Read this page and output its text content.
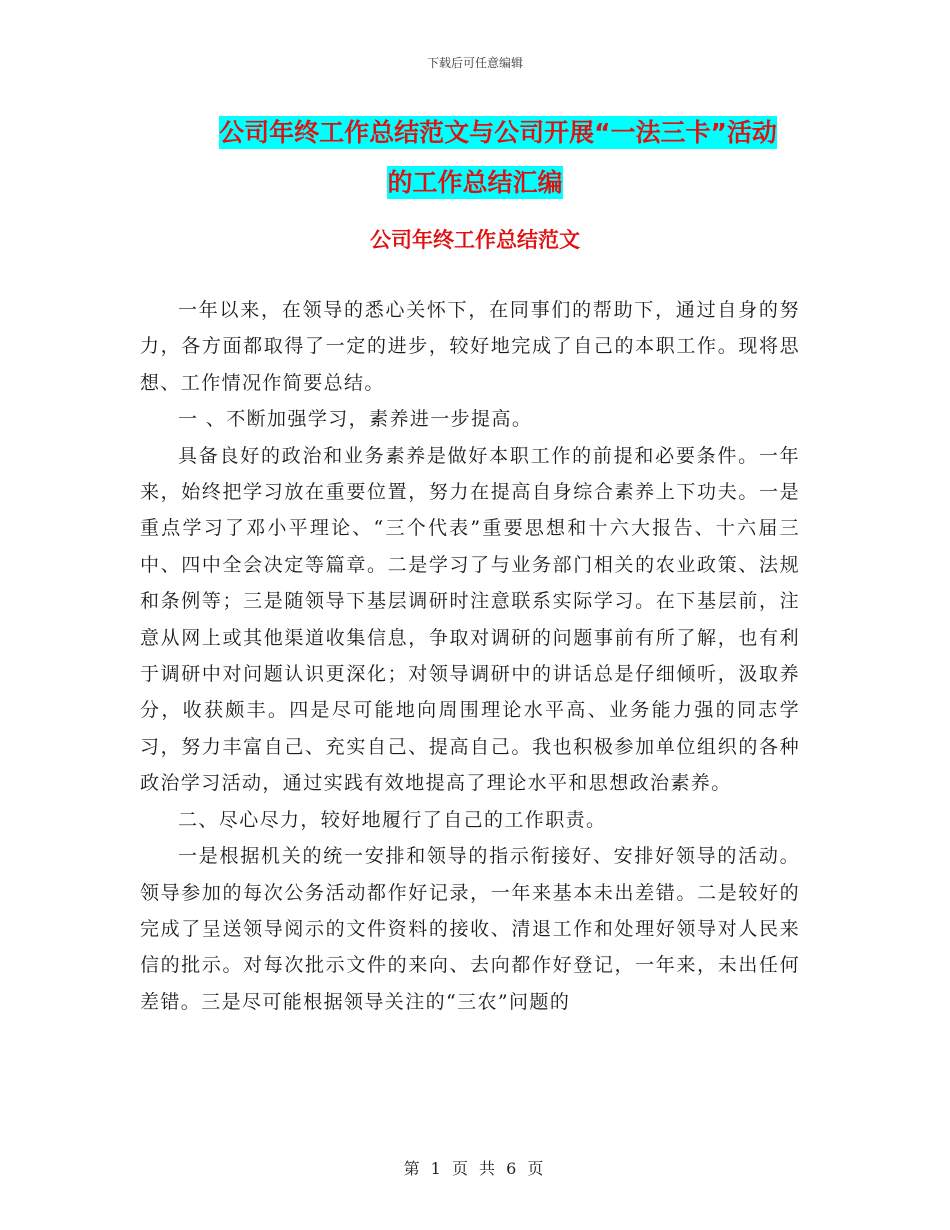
下载后可任意编辑
公司年终工作总结范文与公司开展“一法三卡”活动
的工作总结汇编
公司年终工作总结范文

一年以来，在领导的悉心关怀下，在同事们的帮助下，通过自身的努力，各方面都取得了一定的进步，较好地完成了自己的本职工作。现将思想、工作情况作简要总结。

一 、不断加强学习，素养进一步提高。

具备良好的政治和业务素养是做好本职工作的前提和必要条件。一年来，始终把学习放在重要位置，努力在提高自身综合素养上下功夫。一是重点学习了邓小平理论、“三个代表”重要思想和十六大报告、十六届三中、四中全会决定等篇章。二是学习了与业务部门相关的农业政策、法规和条例等；三是随领导下基层调研时注意联系实际学习。在下基层前，注意从网上或其他渠道收集信息，争取对调研的问题事前有所了解，也有利于调研中对问题认识更深化；对领导调研中的讲话总是仔细倾听，汲取养分，收获颇丰。四是尽可能地向周围理论水平高、业务能力强的同志学习，努力丰富自己、充实自己、提高自己。我也积极参加单位组织的各种政治学习活动，通过实践有效地提高了理论水平和思想政治素养。

二、尽心尽力，较好地履行了自己的工作职责。

一是根据机关的统一安排和领导的指示衔接好、安排好领导的活动。领导参加的每次公务活动都作好记录，一年来基本未出差错。二是较好的完成了呈送领导阅示的文件资料的接收、清退工作和处理好领导对人民来信的批示。对每次批示文件的来向、去向都作好登记，一年来，未出任何差错。三是尽可能根据领导关注的“三农”问题的

第 1 页 共 6 页
